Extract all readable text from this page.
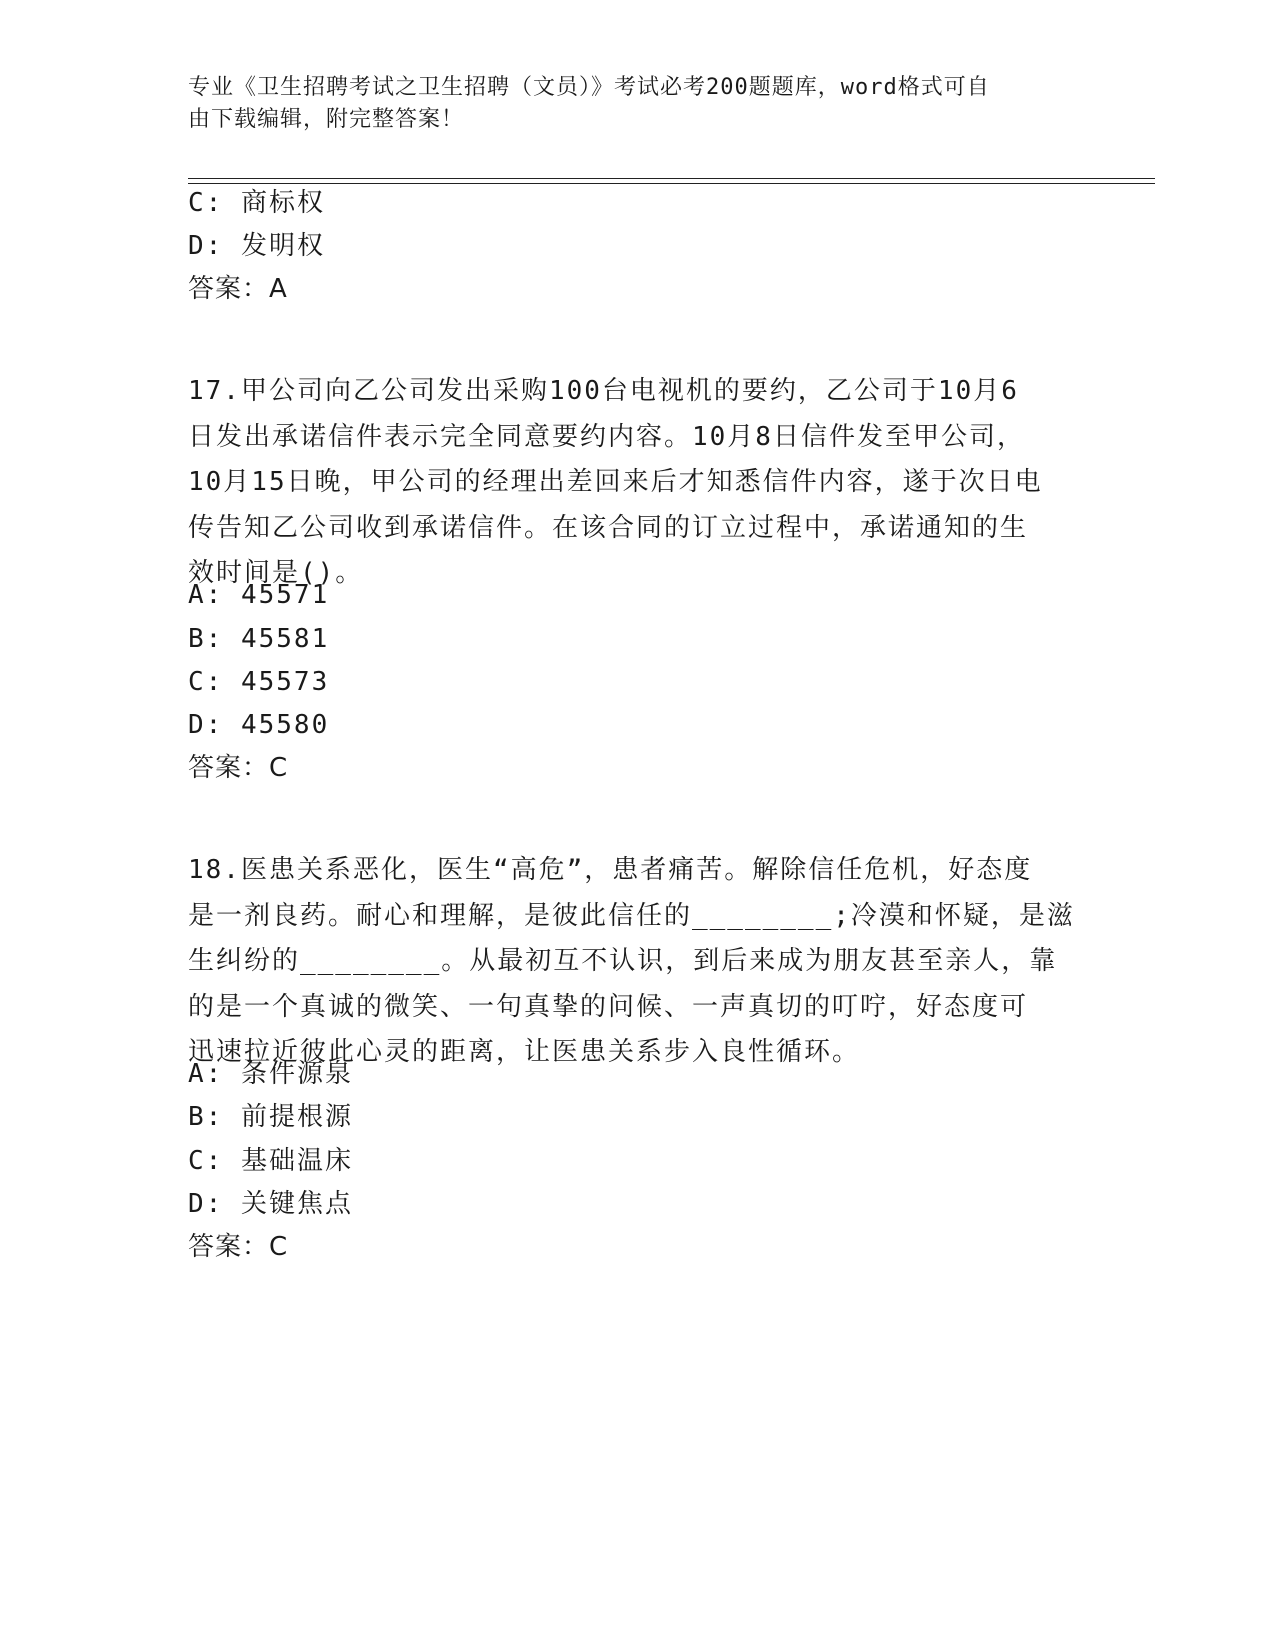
专业《卫生招聘考试之卫生招聘（文员）》考试必考200题题库，word格式可自
由下载编辑，附完整答案！
C: 商标权
D: 发明权
答案：A
17.甲公司向乙公司发出采购100台电视机的要约，乙公司于10月6
日发出承诺信件表示完全同意要约内容。10月8日信件发至甲公司，
10月15日晚，甲公司的经理出差回来后才知悉信件内容，遂于次日电
传告知乙公司收到承诺信件。在该合同的订立过程中，承诺通知的生
效时间是()。
A: 45571
B: 45581
C: 45573
D: 45580
答案：C
18.医患关系恶化，医生“高危”，患者痛苦。解除信任危机，好态度
是一剂良药。耐心和理解，是彼此信任的________;冷漠和怀疑，是滋
生纠纷的________。从最初互不认识，到后来成为朋友甚至亲人，靠
的是一个真诚的微笑、一句真挚的问候、一声真切的叮咛，好态度可
迅速拉近彼此心灵的距离，让医患关系步入良性循环。
A: 条件源泉
B: 前提根源
C: 基础温床
D: 关键焦点
答案：C
